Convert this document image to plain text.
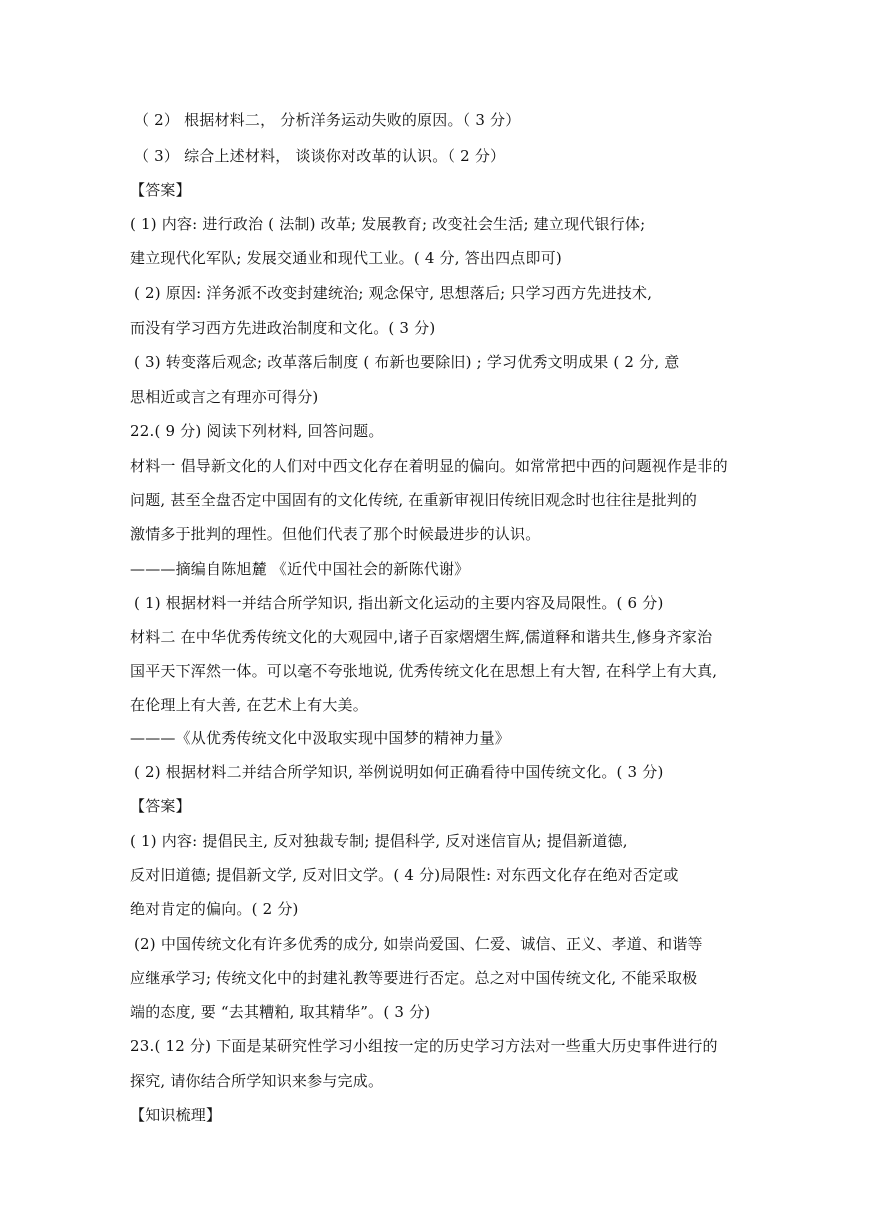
（ 2） 根据材料二， 分析洋务运动失败的原因。（ 3 分）
（ 3） 综合上述材料， 谈谈你对改革的认识。（ 2 分）
【答案】
( 1) 内容: 进行政治 ( 法制) 改革; 发展教育; 改变社会生活; 建立现代银行体;
建立现代化军队; 发展交通业和现代工业。( 4 分, 答出四点即可)
( 2) 原因: 洋务派不改变封建统治; 观念保守, 思想落后; 只学习西方先进技术,
而没有学习西方先进政治制度和文化。( 3 分)
( 3) 转变落后观念; 改革落后制度 ( 布新也要除旧) ; 学习优秀文明成果 ( 2 分, 意
思相近或言之有理亦可得分)
22.( 9 分) 阅读下列材料, 回答问题。
材料一 倡导新文化的人们对中西文化存在着明显的偏向。如常常把中西的问题视作是非的
问题, 甚至全盘否定中国固有的文化传统, 在重新审视旧传统旧观念时也往往是批判的
激情多于批判的理性。但他们代表了那个时候最进步的认识。
———摘编自陈旭麓 《近代中国社会的新陈代谢》
( 1) 根据材料一并结合所学知识, 指出新文化运动的主要内容及局限性。( 6 分)
材料二 在中华优秀传统文化的大观园中,诸子百家熠熠生辉,儒道释和谐共生,修身齐家治
国平天下浑然一体。可以毫不夸张地说, 优秀传统文化在思想上有大智, 在科学上有大真,
在伦理上有大善, 在艺术上有大美。
———《从优秀传统文化中汲取实现中国梦的精神力量》
( 2) 根据材料二并结合所学知识, 举例说明如何正确看待中国传统文化。( 3 分)
【答案】
( 1) 内容: 提倡民主, 反对独裁专制; 提倡科学, 反对迷信盲从; 提倡新道德,
反对旧道德; 提倡新文学, 反对旧文学。( 4 分)局限性: 对东西文化存在绝对否定或
绝对肯定的偏向。( 2 分)
(2) 中国传统文化有许多优秀的成分, 如崇尚爱国、仁爱、诚信、正义、孝道、和谐等
应继承学习; 传统文化中的封建礼教等要进行否定。总之对中国传统文化, 不能采取极
端的态度, 要 “去其糟粕, 取其精华”。( 3 分)
23.( 12 分) 下面是某研究性学习小组按一定的历史学习方法对一些重大历史事件进行的
探究, 请你结合所学知识来参与完成。
【知识梳理】
